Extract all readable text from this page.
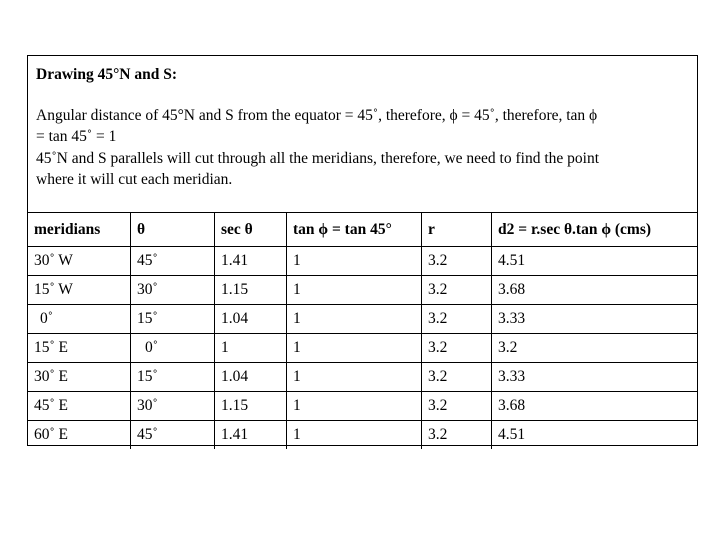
Drawing 45°N and S:

Angular distance of 45°N and S from the equator = 45˚, therefore, ϕ = 45˚, therefore, tan ϕ

= tan 45˚ = 1

45˚N and S parallels will cut through all the meridians, therefore, we need to find the point

where it will cut each meridian.

meridians	θ	sec θ	tan ϕ = tan 45°	r	d2 = r.sec θ.tan ϕ (cms)
30˚ W	45˚	1.41	1	3.2	4.51
15˚ W	30˚	1.15	1	3.2	3.68
0˚	15˚	1.04	1	3.2	3.33
15˚ E	0˚	1	1	3.2	3.2
30˚ E	15˚	1.04	1	3.2	3.33
45˚ E	30˚	1.15	1	3.2	3.68
60˚ E	45˚	1.41	1	3.2	4.51
